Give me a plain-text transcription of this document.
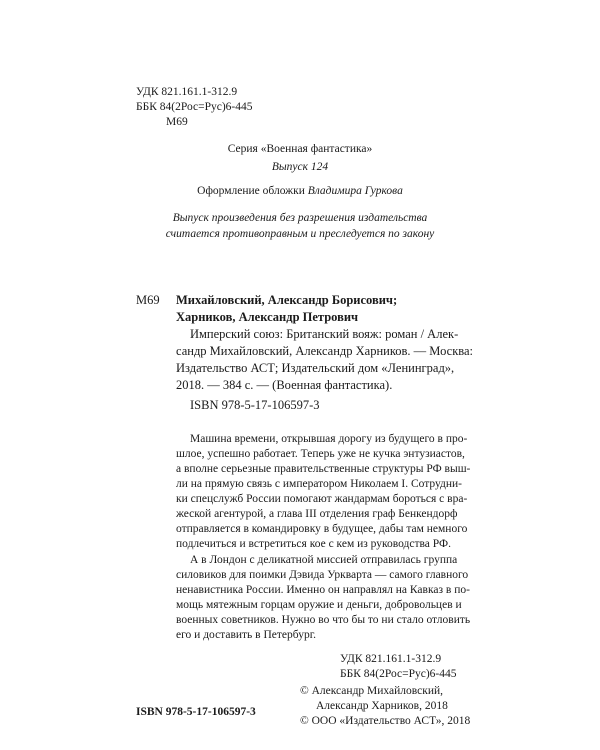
УДК 821.161.1-312.9
ББК 84(2Рос=Рус)6-445
М69
Серия «Военная фантастика»
Выпуск 124
Оформление обложки Владимира Гуркова
Выпуск произведения без разрешения издательства
считается противоправным и преследуется по закону
М69 Михайловский, Александр Борисович;
Харников, Александр Петрович
Имперский союз: Британский вояж: роман / Алек-
сандр Михайловский, Александр Харников. — Москва:
Издательство АСТ; Издательский дом «Ленинград»,
2018. — 384 с. — (Военная фантастика).
ISBN 978-5-17-106597-3
Машина времени, открывшая дорогу из будущего в про-
шлое, успешно работает. Теперь уже не кучка энтузиастов,
а вполне серьезные правительственные структуры РФ выш-
ли на прямую связь с императором Николаем I. Сотрудни-
ки спецслужб России помогают жандармам бороться с вра-
жеской агентурой, а глава III отделения граф Бенкендорф
отправляется в командировку в будущее, дабы там немного
подлечиться и встретиться кое с кем из руководства РФ.
А в Лондон с деликатной миссией отправилась группа
силовиков для поимки Дэвида Уркварта — самого главного
ненавистника России. Именно он направлял на Кавказ в по-
мощь мятежным горцам оружие и деньги, добровольцев и
военных советников. Нужно во что бы то ни стало отловить
его и доставить в Петербург.
УДК 821.161.1-312.9
ББК 84(2Рос=Рус)6-445
ISBN 978-5-17-106597-3
© Александр Михайловский,
Александр Харников, 2018
© ООО «Издательство АСТ», 2018
